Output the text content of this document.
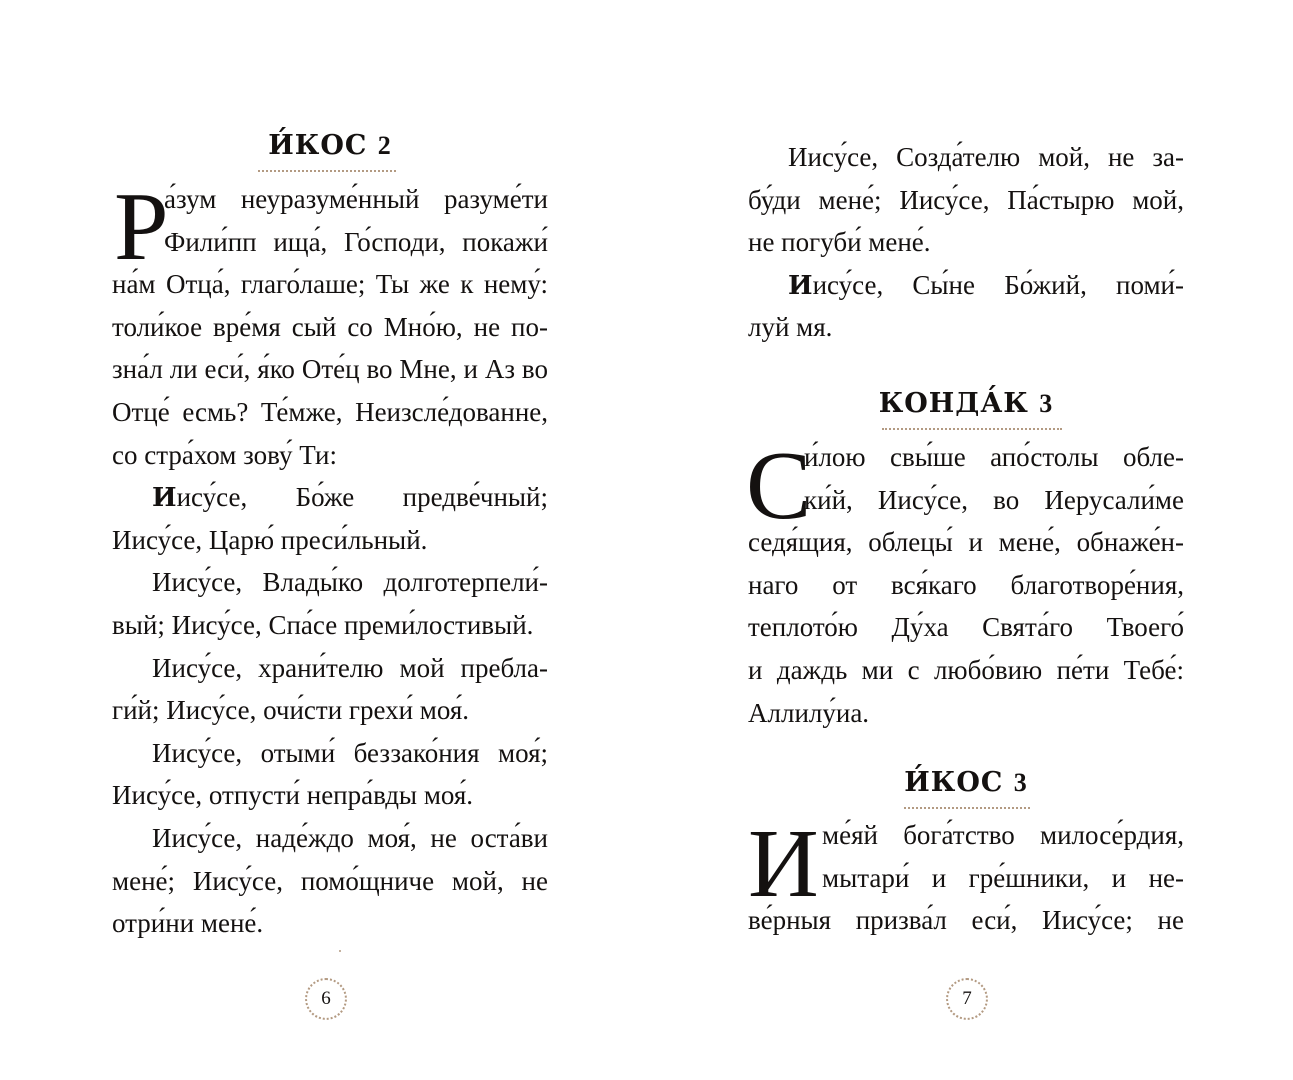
И́КОС 2
Р
а́зум неуразуме́нный разуме́ти
Фили́пп ища́, Го́споди, покажи́
на́м Отца́, глаго́лаше; Ты же к нему́:
толи́кое вре́мя сый со Мно́ю, не по-
зна́л ли еси́, я́ко Оте́ц во Мне, и Аз во
Отце́ есмь? Те́мже, Неизсле́дованне,
со стра́хом зову́ Ти:
Иису́се, Бо́же предве́чный;
Иису́се, Царю́ преси́льный.
Иису́се, Влады́ко долготерпели́-
вый; Иису́се, Спа́се преми́лостивый.
Иису́се, храни́телю мой пребла-
ги́й; Иису́се, очи́сти грехи́ моя́.
Иису́се, отыми́ беззако́ния моя́;
Иису́се, отпусти́ непра́вды моя́.
Иису́се, наде́ждо моя́, не оста́ви
мене́; Иису́се, помо́щниче мой, не
отри́ни мене́.
6
Иису́се, Созда́телю мой, не за-
бу́ди мене́; Иису́се, Па́стырю мой,
не погуби́ мене́.
Иису́се, Сы́не Бо́жий, поми́-
луй мя.
КОНДА́К 3
С
и́лою свы́ше апо́столы обле-
ки́й, Иису́се, во Иерусали́ме
седя́щия, облецы́ и мене́, обнаже́н-
наго от вся́каго благотворе́ния,
теплото́ю Ду́ха Свята́го Твоего́
и даждь ми с любо́вию пе́ти Тебе́:
Аллилу́иа.
И́КОС 3
И ме́яй бога́тство милосе́рдия,
мытари́ и гре́шники, и не-
ве́рныя призва́л еси́, Иису́се; не
7
